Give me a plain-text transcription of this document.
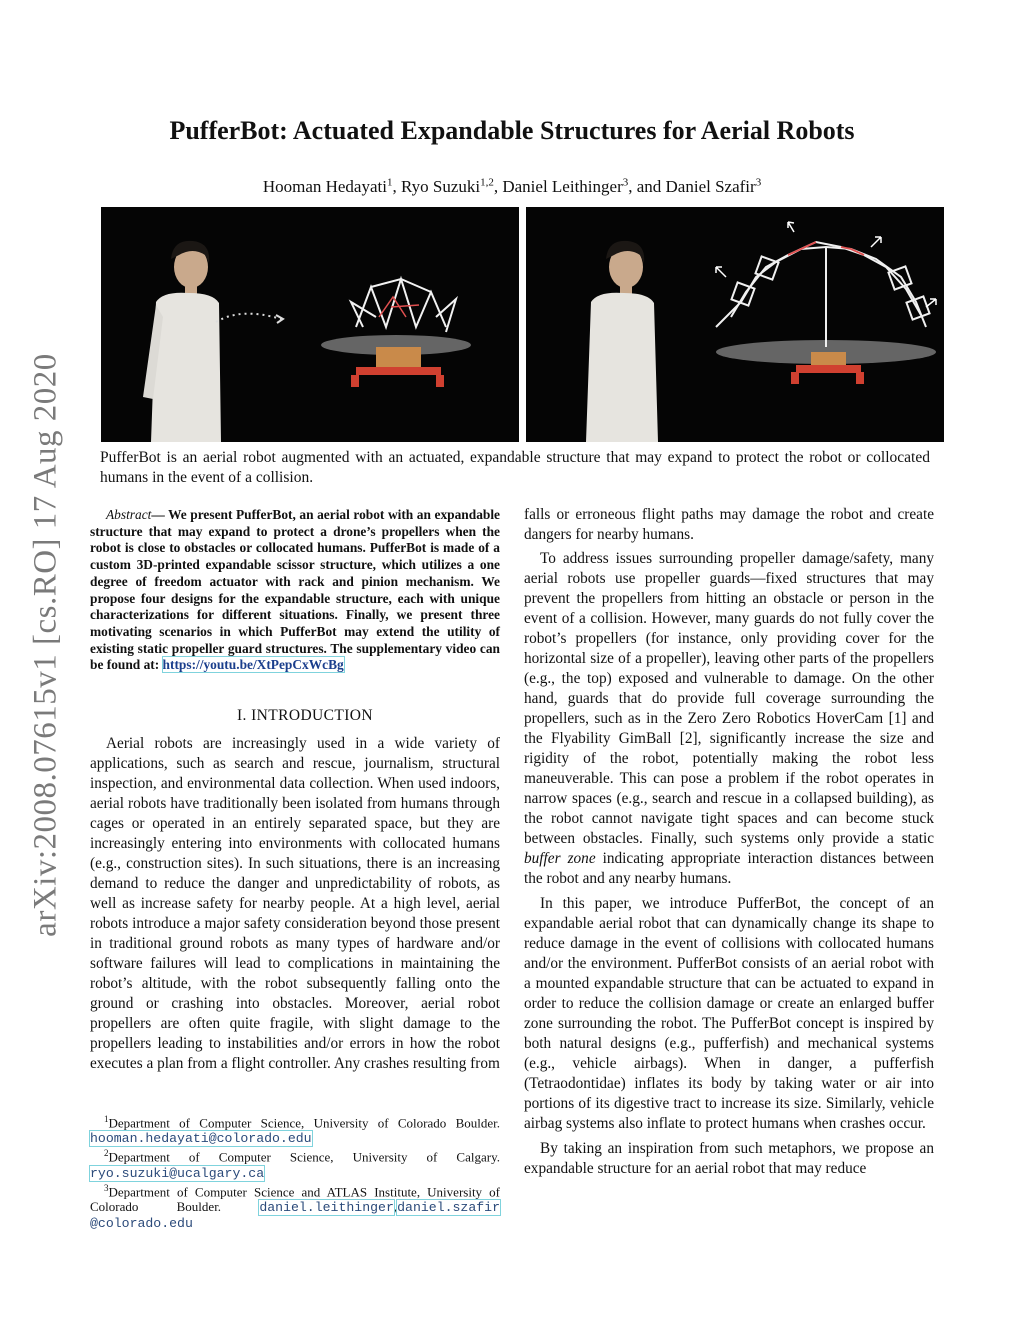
arXiv:2008.07615v1 [cs.RO] 17 Aug 2020
PufferBot: Actuated Expandable Structures for Aerial Robots
Hooman Hedayati$^1$, Ryo Suzuki$^{1,2}$, Daniel Leithinger$^3$, and Daniel Szafir$^3$
PufferBot is an aerial robot augmented with an actuated, expandable structure that may expand to protect the robot or collocated humans in the event of a collision.
Abstract— We present PufferBot, an aerial robot with an expandable structure that may expand to protect a drone’s propellers when the robot is close to obstacles or collocated humans. PufferBot is made of a custom 3D-printed expandable scissor structure, which utilizes a one degree of freedom actuator with rack and pinion mechanism. We propose four designs for the expandable structure, each with unique characterizations for different situations. Finally, we present three motivating scenarios in which PufferBot may extend the utility of existing static propeller guard structures. The supplementary video can be found at: https://youtu.be/XtPepCxWcBg
I. INTRODUCTION

Aerial robots are increasingly used in a wide variety of applications, such as search and rescue, journalism, structural inspection, and environmental data collection. When used indoors, aerial robots have traditionally been isolated from humans through cages or operated in an entirely separated space, but they are increasingly entering into environments with collocated humans (e.g., construction sites). In such situations, there is an increasing demand to reduce the danger and unpredictability of robots, as well as increase safety for nearby people. At a high level, aerial robots introduce a major safety consideration beyond those present in traditional ground robots as many types of hardware and/or software failures will lead to complications in maintaining the robot’s altitude, with the robot subsequently falling onto the ground or crashing into obstacles. Moreover, aerial robot propellers are often quite fragile, with slight damage to the propellers leading to instabilities and/or errors in how the robot executes a plan from a flight controller. Any crashes resulting from

$^1$Department of Computer Science, University of Colorado Boulder. hooman.hedayati@colorado.edu

$^2$Department of Computer Science, University of Calgary. ryo.suzuki@ucalgary.ca

$^3$Department of Computer Science and ATLAS Institute, University of Colorado Boulder.	daniel.leithinger,daniel.szafir @colorado.edu

falls or erroneous flight paths may damage the robot and create dangers for nearby humans.

To address issues surrounding propeller damage/safety, many aerial robots use propeller guards—fixed structures that may prevent the propellers from hitting an obstacle or person in the event of a collision. However, many guards do not fully cover the robot’s propellers (for instance, only providing cover for the horizontal size of a propeller), leaving other parts of the propellers (e.g., the top) exposed and vulnerable to damage. On the other hand, guards that do provide full coverage surrounding the propellers, such as in the Zero Zero Robotics HoverCam [1] and the Flyability GimBall [2], significantly increase the size and rigidity of the robot, potentially making the robot less maneuverable. This can pose a problem if the robot operates in narrow spaces (e.g., search and rescue in a collapsed building), as the robot cannot navigate tight spaces and can become stuck between obstacles. Finally, such systems only provide a static buffer zone indicating appropriate interaction distances between the robot and any nearby humans.

In this paper, we introduce PufferBot, the concept of an expandable aerial robot that can dynamically change its shape to reduce damage in the event of collisions with collocated humans and/or the environment. PufferBot consists of an aerial robot with a mounted expandable structure that can be actuated to expand in order to reduce the collision damage or create an enlarged buffer zone surrounding the robot. The PufferBot concept is inspired by both natural designs (e.g., pufferfish) and mechanical systems (e.g., vehicle airbags). When in danger, a pufferfish (Tetraodontidae) inflates its body by taking water or air into portions of its digestive tract to increase its size. Similarly, vehicle airbag systems also inflate to protect humans when crashes occur.

By taking an inspiration from such metaphors, we propose an expandable structure for an aerial robot that may reduce
